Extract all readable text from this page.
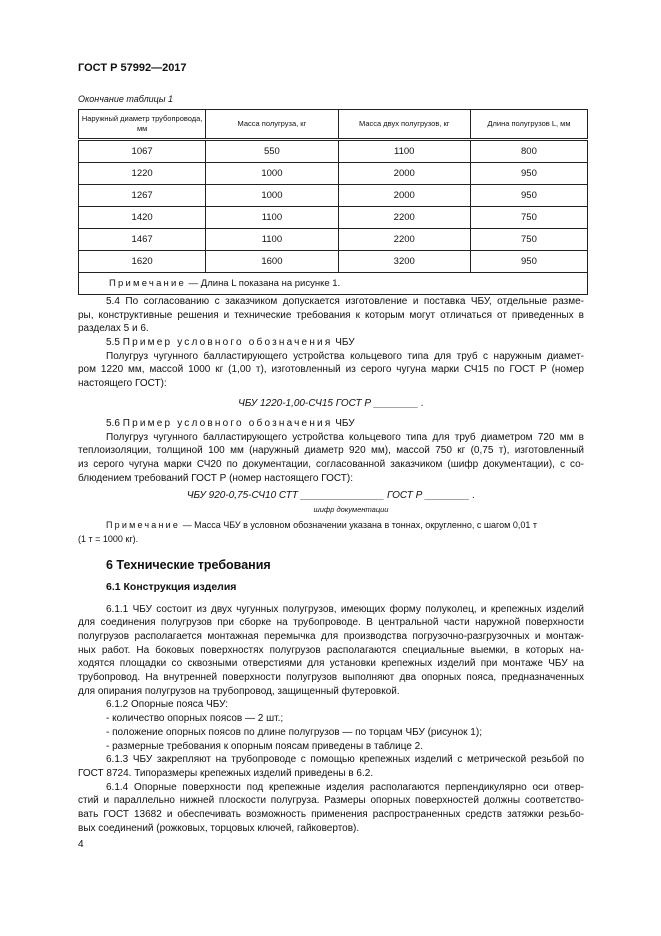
ГОСТ Р 57992—2017
Окончание таблицы 1
Наружный диаметр трубопровода, мм	Масса полугруза, кг	Масса двух полугрузов, кг	Длина полугрузов L, мм
1067	550	1100	800
1220	1000	2000	950
1267	1000	2000	950
1420	1100	2200	750
1467	1100	2200	750
1620	1600	3200	950
Примечание — Длина L показана на рисунке 1.			
5.4 По согласованию с заказчиком допускается изготовление и поставка ЧБУ, отдельные разме-
ры, конструктивные решения и технические требования к которым могут отличаться от приведенных в
разделах 5 и 6.
5.5 Пример условного обозначения ЧБУ
Полугруз чугунного балластирующего устройства кольцевого типа для труб с наружным диамет-
ром 1220 мм, массой 1000 кг (1,00 т), изготовленный из серого чугуна марки СЧ15 по ГОСТ Р (номер
настоящего ГОСТ):
ЧБУ 1220-1,00-СЧ15 ГОСТ Р ________ .
5.6 Пример условного обозначения ЧБУ
Полугруз чугунного балластирующего устройства кольцевого типа для труб диаметром 720 мм в
теплоизоляции, толщиной 100 мм (наружный диаметр 920 мм), массой 750 кг (0,75 т), изготовленный
из серого чугуна марки СЧ20 по документации, согласованной заказчиком (шифр документации), с со-
блюдением требований ГОСТ Р (номер настоящего ГОСТ):
ЧБУ 920-0,75-СЧ10 СТТ _______________ ГОСТ Р ________ .
шифр документации
Примечание — Масса ЧБУ в условном обозначении указана в тоннах, округленно, с шагом 0,01 т
(1 т = 1000 кг).
6 Технические требования
6.1 Конструкция изделия
6.1.1 ЧБУ состоит из двух чугунных полугрузов, имеющих форму полуколец, и крепежных изделий
для соединения полугрузов при сборке на трубопроводе. В центральной части наружной поверхности
полугрузов располагается монтажная перемычка для производства погрузочно-разгрузочных и монтаж-
ных работ. На боковых поверхностях полугрузов располагаются специальные выемки, в которых на-
ходятся площадки со сквозными отверстиями для установки крепежных изделий при монтаже ЧБУ на
трубопровод. На внутренней поверхности полугрузов выполняют два опорных пояса, предназначенных
для опирания полугрузов на трубопровод, защищенный футеровкой.
6.1.2 Опорные пояса ЧБУ:
- количество опорных поясов — 2 шт.;
- положение опорных поясов по длине полугрузов — по торцам ЧБУ (рисунок 1);
- размерные требования к опорным поясам приведены в таблице 2.
6.1.3 ЧБУ закрепляют на трубопроводе с помощью крепежных изделий с метрической резьбой по
ГОСТ 8724. Типоразмеры крепежных изделий приведены в 6.2.
6.1.4 Опорные поверхности под крепежные изделия располагаются перпендикулярно оси отвер-
стий и параллельно нижней плоскости полугруза. Размеры опорных поверхностей должны соответство-
вать ГОСТ 13682 и обеспечивать возможность применения распространенных средств затяжки резьбо-
вых соединений (рожковых, торцовых ключей, гайковертов).
4
